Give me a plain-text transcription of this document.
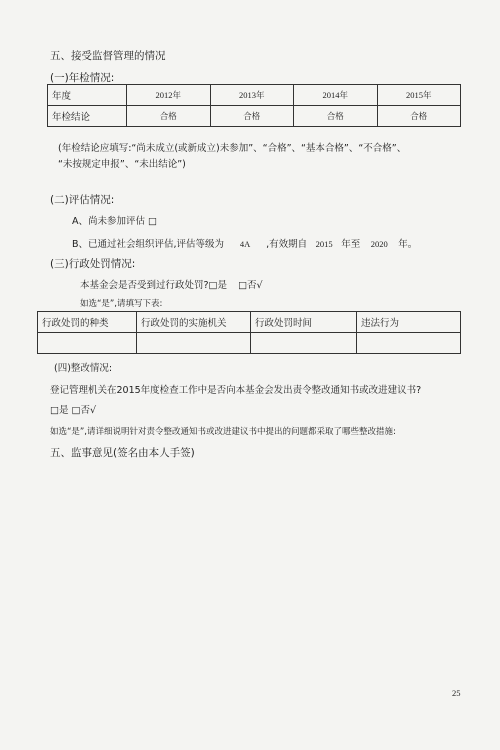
五、接受监督管理的情况
(一)年检情况:
年度	2012年	2013年	2014年	2015年
年检结论	合格	合格	合格	合格
(年检结论应填写:“尚未成立(或新成立)未参加”、“合格”、“基本合格”、“不合格”、
“未按规定申报”、“未出结论”)
(二)评估情况:
A、尚未参加评估 □
B、已通过社会组织评估,评估等级为 4A ,有效期自 2015 年至 2020 年。
(三)行政处罚情况:
本基金会是否受到过行政处罚?□是 □否√
如选“是”,请填写下表:
行政处罚的种类	行政处罚的实施机关	行政处罚时间	违法行为

(四)整改情况:
登记管理机关在2015年度检查工作中是否向本基金会发出责令整改通知书或改进建议书?
□是 □否√
如选“是”,请详细说明针对责令整改通知书或改进建议书中提出的问题都采取了哪些整改措施:
五、监事意见(签名由本人手签)
25
